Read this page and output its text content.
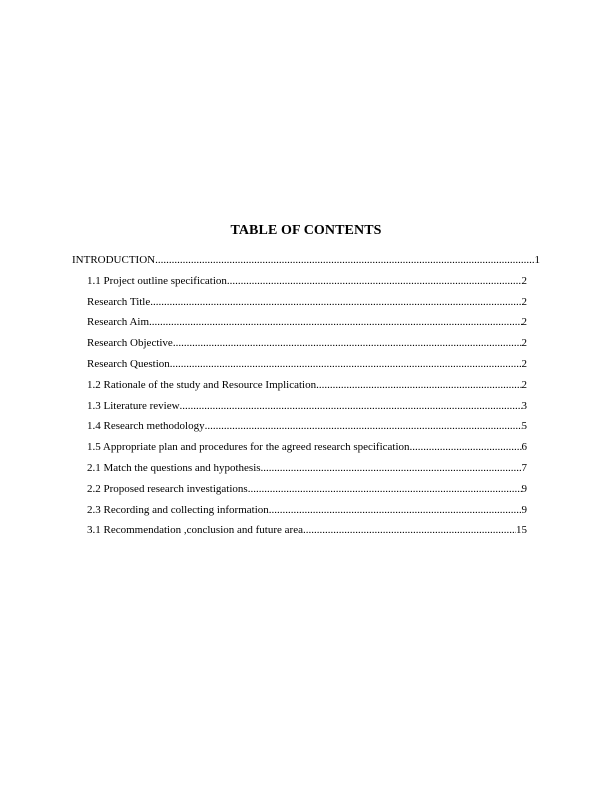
TABLE OF CONTENTS
INTRODUCTION .....	1
1.1 Project outline specification .....	2
Research Title .....	2
Research Aim .....	2
Research Objective .....	2
Research Question .....	2
1.2 Rationale of the study and Resource Implication .....	2
1.3 Literature review .....	3
1.4 Research methodology .....	5
1.5 Appropriate plan and procedures for the agreed research specification .....	6
2.1 Match the questions and hypothesis .....	7
2.2 Proposed research investigations .....	9
2.3 Recording and collecting information .....	9
3.1 Recommendation ,conclusion and future area .....	15
